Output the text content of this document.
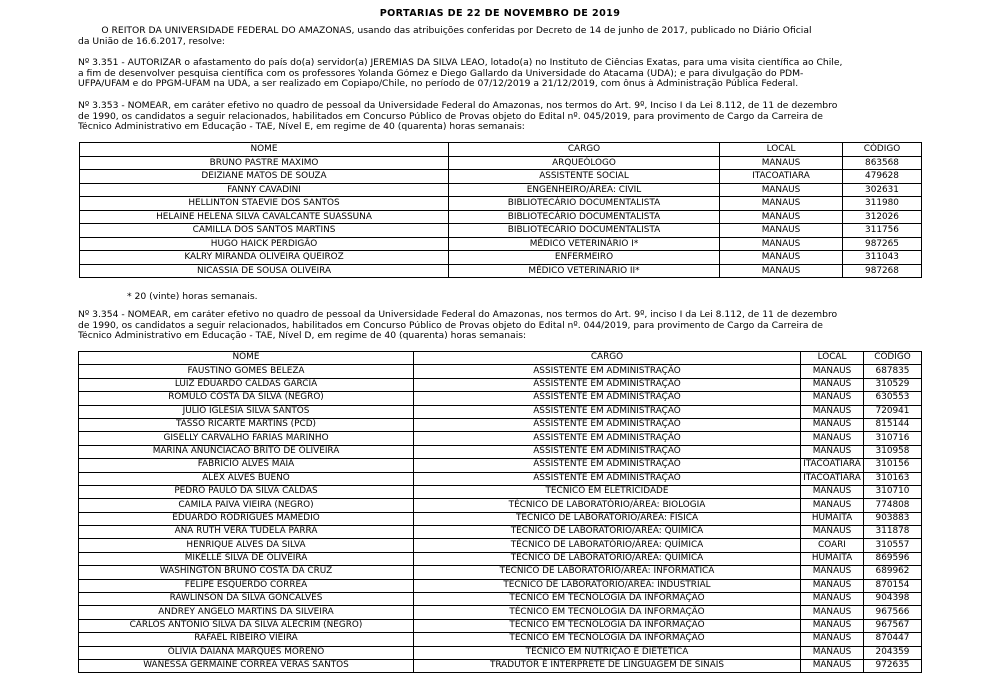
PORTARIAS DE 22 DE NOVEMBRO DE 2019
O REITOR DA UNIVERSIDADE FEDERAL DO AMAZONAS, usando das atribuições conferidas por Decreto de 14 de junho de 2017, publicado no Diário Oficial
da União de 16.6.2017, resolve:
Nº 3.351 - AUTORIZAR o afastamento do país do(a) servidor(a) JEREMIAS DA SILVA LEÃO, lotado(a) no Instituto de Ciências Exatas, para uma visita científica ao Chile,
a fim de desenvolver pesquisa científica com os professores Yolanda Gómez e Diego Gallardo da Universidade do Atacama (UDA); e para divulgação do PDM-
UFPA/UFAM e do PPGM-UFAM na UDA, a ser realizado em Copiapo/Chile, no período de 07/12/2019 a 21/12/2019, com ônus à Administração Pública Federal.
Nº 3.353 - NOMEAR, em caráter efetivo no quadro de pessoal da Universidade Federal do Amazonas, nos termos do Art. 9º, Inciso I da Lei 8.112, de 11 de dezembro
de 1990, os candidatos a seguir relacionados, habilitados em Concurso Público de Provas objeto do Edital nº. 045/2019, para provimento de Cargo da Carreira de
Técnico Administrativo em Educação - TAE, Nível E, em regime de 40 (quarenta) horas semanais:
NOME	CARGO	LOCAL	CÓDIGO
BRUNO PASTRE MAXIMO	ARQUEÓLOGO	MANAUS	863568
DEIZIANE MATOS DE SOUZA	ASSISTENTE SOCIAL	ITACOATIARA	479628
FANNY CAVADINI	ENGENHEIRO/ÁREA: CIVIL	MANAUS	302631
HELLINTON STAEVIE DOS SANTOS	BIBLIOTECÁRIO DOCUMENTALISTA	MANAUS	311980
HELAINE HELENA SILVA CAVALCANTE SUASSUNA	BIBLIOTECÁRIO DOCUMENTALISTA	MANAUS	312026
CAMILLA DOS SANTOS MARTINS	BIBLIOTECÁRIO DOCUMENTALISTA	MANAUS	311756
HUGO HAICK PERDIGÃO	MÉDICO VETERINÁRIO I*	MANAUS	987265
KALRY MIRANDA OLIVEIRA QUEIROZ	ENFERMEIRO	MANAUS	311043
NICASSIA DE SOUSA OLIVEIRA	MÉDICO VETERINÁRIO II*	MANAUS	987268
* 20 (vinte) horas semanais.
Nº 3.354 - NOMEAR, em caráter efetivo no quadro de pessoal da Universidade Federal do Amazonas, nos termos do Art. 9º, inciso I da Lei 8.112, de 11 de dezembro
de 1990, os candidatos a seguir relacionados, habilitados em Concurso Público de Provas objeto do Edital nº. 044/2019, para provimento de Cargo da Carreira de
Técnico Administrativo em Educação - TAE, Nível D, em regime de 40 (quarenta) horas semanais:
NOME	CARGO	LOCAL	CÓDIGO
FAUSTINO GOMES BELEZA	ASSISTENTE EM ADMINISTRAÇÃO	MANAUS	687835
LUIZ EDUARDO CALDAS GARCIA	ASSISTENTE EM ADMINISTRAÇÃO	MANAUS	310529
ROMULO COSTA DA SILVA (NEGRO)	ASSISTENTE EM ADMINISTRAÇÃO	MANAUS	630553
JULIO IGLESIA SILVA SANTOS	ASSISTENTE EM ADMINISTRAÇÃO	MANAUS	720941
TASSO RICARTE MARTINS (PCD)	ASSISTENTE EM ADMINISTRAÇÃO	MANAUS	815144
GISELLY CARVALHO FARIAS MARINHO	ASSISTENTE EM ADMINISTRAÇÃO	MANAUS	310716
MARINA ANUNCIACAO BRITO DE OLIVEIRA	ASSISTENTE EM ADMINISTRAÇÃO	MANAUS	310958
FABRICIO ALVES MAIA	ASSISTENTE EM ADMINISTRAÇÃO	ITACOATIARA	310156
ALEX ALVES BUENO	ASSISTENTE EM ADMINISTRAÇÃO	ITACOATIARA	310163
PEDRO PAULO DA SILVA CALDAS	TÉCNICO EM ELETRICIDADE	MANAUS	310710
CAMILA PAIVA VIEIRA (NEGRO)	TÉCNICO DE LABORATÓRIO/ÁREA: BIOLOGIA	MANAUS	774808
EDUARDO RODRIGUES MAMÉDIO	TÉCNICO DE LABORATÓRIO/ÁREA: FÍSICA	HUMAITÁ	903883
ANA RUTH VERA TUDELA PARRA	TÉCNICO DE LABORATÓRIO/ÁREA: QUÍMICA	MANAUS	311878
HENRIQUE ALVES DA SILVA	TÉCNICO DE LABORATÓRIO/ÁREA: QUÍMICA	COARI	310557
MIKELLE SILVA DE OLIVEIRA	TÉCNICO DE LABORATÓRIO/ÁREA: QUÍMICA	HUMAITÁ	869596
WASHINGTON BRUNO COSTA DA CRUZ	TÉCNICO DE LABORATÓRIO/ÁREA: INFORMÁTICA	MANAUS	689962
FELIPE ESQUERDO CORREA	TÉCNICO DE LABORATÓRIO/ÁREA: INDUSTRIAL	MANAUS	870154
RAWLINSON DA SILVA GONCALVES	TÉCNICO EM TECNOLOGIA DA INFORMAÇÃO	MANAUS	904398
ANDREY ANGELO MARTINS DA SILVEIRA	TÉCNICO EM TECNOLOGIA DA INFORMAÇÃO	MANAUS	967566
CARLOS ANTONIO SILVA DA SILVA ALECRIM (NEGRO)	TÉCNICO EM TECNOLOGIA DA INFORMAÇÃO	MANAUS	967567
RAFAEL RIBEIRO VIEIRA	TÉCNICO EM TECNOLOGIA DA INFORMAÇÃO	MANAUS	870447
OLIVIA DAIANA MARQUES MORENO	TÉCNICO EM NUTRIÇÃO E DIETÉTICA	MANAUS	204359
WANESSA GERMAINE CORREA VERAS SANTOS	TRADUTOR E INTÉRPRETE DE LINGUAGEM DE SINAIS	MANAUS	972635
